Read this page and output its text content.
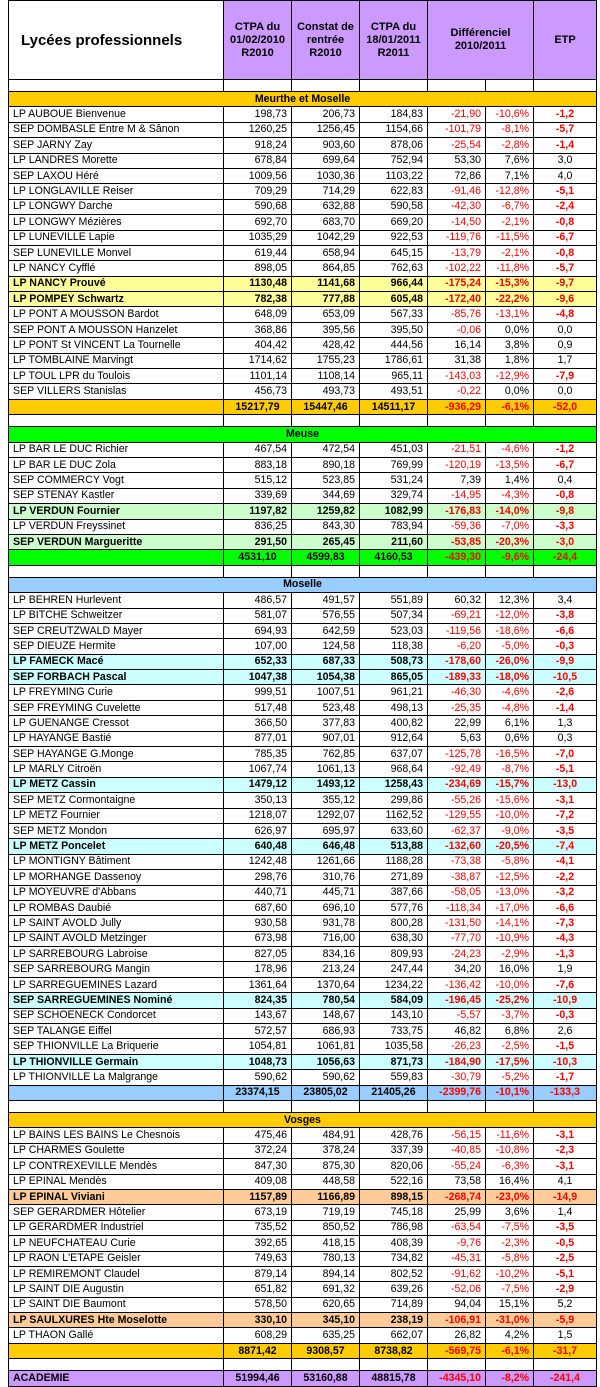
Lycées professionnels	CTPA du 01/02/2010 R2010	Constat de rentrée R2010	CTPA du 18/01/2011 R2011	Différenciel 2010/2011		ETP

Meurthe et Moselle						
LP AUBOUE Bienvenue	198,73	206,73	184,83	-21,90	-10,6%	-1,2
SEP DOMBASLE Entre M & Sânon	1260,25	1256,45	1154,66	-101,79	-8,1%	-5,7
SEP JARNY Zay	918,24	903,60	878,06	-25,54	-2,8%	-1,4
LP LANDRES Morette	678,84	699,64	752,94	53,30	7,6%	3,0
SEP LAXOU Héré	1009,56	1030,36	1103,22	72,86	7,1%	4,0
LP LONGLAVILLE Reiser	709,29	714,29	622,83	-91,46	-12,8%	-5,1
LP LONGWY Darche	590,68	632,88	590,58	-42,30	-6,7%	-2,4
LP LONGWY Mézières	692,70	683,70	669,20	-14,50	-2,1%	-0,8
LP LUNEVILLE Lapie	1035,29	1042,29	922,53	-119,76	-11,5%	-6,7
SEP LUNEVILLE Monvel	619,44	658,94	645,15	-13,79	-2,1%	-0,8
LP NANCY Cyfflé	898,05	864,85	762,63	-102,22	-11,8%	-5,7
LP NANCY Prouvé	1130,48	1141,68	966,44	-175,24	-15,3%	-9,7
LP POMPEY Schwartz	782,38	777,88	605,48	-172,40	-22,2%	-9,6
LP PONT A MOUSSON Bardot	648,09	653,09	567,33	-85,76	-13,1%	-4,8
SEP PONT A MOUSSON Hanzelet	368,86	395,56	395,50	-0,06	0,0%	0,0
LP PONT St VINCENT La Tournelle	404,42	428,42	444,56	16,14	3,8%	0,9
LP TOMBLAINE Marvingt	1714,62	1755,23	1786,61	31,38	1,8%	1,7
LP TOUL LPR du Toulois	1101,14	1108,14	965,11	-143,03	-12,9%	-7,9
SEP VILLERS Stanislas	456,73	493,73	493,51	-0,22	0,0%	0,0
	15217,79	15447,46	14511,17	-936,29	-6,1%	-52,0

Meuse						
LP BAR LE DUC Richier	467,54	472,54	451,03	-21,51	-4,6%	-1,2
LP BAR LE DUC Zola	883,18	890,18	769,99	-120,19	-13,5%	-6,7
SEP COMMERCY Vogt	515,12	523,85	531,24	7,39	1,4%	0,4
SEP STENAY Kastler	339,69	344,69	329,74	-14,95	-4,3%	-0,8
LP VERDUN Fournier	1197,82	1259,82	1082,99	-176,83	-14,0%	-9,8
LP VERDUN Freyssinet	836,25	843,30	783,94	-59,36	-7,0%	-3,3
SEP VERDUN Margueritte	291,50	265,45	211,60	-53,85	-20,3%	-3,0
	4531,10	4599,83	4160,53	-439,30	-9,6%	-24,4

Moselle						
LP BEHREN Hurlevent	486,57	491,57	551,89	60,32	12,3%	3,4
LP BITCHE Schweitzer	581,07	576,55	507,34	-69,21	-12,0%	-3,8
SEP CREUTZWALD Mayer	694,93	642,59	523,03	-119,56	-18,6%	-6,6
SEP DIEUZE Hermite	107,00	124,58	118,38	-6,20	-5,0%	-0,3
LP FAMECK Macé	652,33	687,33	508,73	-178,60	-26,0%	-9,9
SEP FORBACH Pascal	1047,38	1054,38	865,05	-189,33	-18,0%	-10,5
LP FREYMING Curie	999,51	1007,51	961,21	-46,30	-4,6%	-2,6
SEP FREYMING Cuvelette	517,48	523,48	498,13	-25,35	-4,8%	-1,4
LP GUENANGE Cressot	366,50	377,83	400,82	22,99	6,1%	1,3
LP HAYANGE Bastié	877,01	907,01	912,64	5,63	0,6%	0,3
SEP HAYANGE G.Monge	785,35	762,85	637,07	-125,78	-16,5%	-7,0
LP MARLY Citroën	1067,74	1061,13	968,64	-92,49	-8,7%	-5,1
LP METZ Cassin	1479,12	1493,12	1258,43	-234,69	-15,7%	-13,0
SEP METZ Cormontaigne	350,13	355,12	299,86	-55,26	-15,6%	-3,1
LP METZ Fournier	1218,07	1292,07	1162,52	-129,55	-10,0%	-7,2
SEP METZ Mondon	626,97	695,97	633,60	-62,37	-9,0%	-3,5
LP METZ Poncelet	640,48	646,48	513,88	-132,60	-20,5%	-7,4
LP MONTIGNY Bâtiment	1242,48	1261,66	1188,28	-73,38	-5,8%	-4,1
LP MORHANGE Dassenoy	298,76	310,76	271,89	-38,87	-12,5%	-2,2
LP MOYEUVRE d'Abbans	440,71	445,71	387,66	-58,05	-13,0%	-3,2
LP ROMBAS Daubié	687,60	696,10	577,76	-118,34	-17,0%	-6,6
LP SAINT AVOLD Jully	930,58	931,78	800,28	-131,50	-14,1%	-7,3
LP SAINT AVOLD Metzinger	673,98	716,00	638,30	-77,70	-10,9%	-4,3
LP SARREBOURG Labroise	827,05	834,16	809,93	-24,23	-2,9%	-1,3
SEP SARREBOURG Mangin	178,96	213,24	247,44	34,20	16,0%	1,9
LP SARREGUEMINES Lazard	1361,64	1370,64	1234,22	-136,42	-10,0%	-7,6
SEP SARREGUEMINES Nominé	824,35	780,54	584,09	-196,45	-25,2%	-10,9
SEP SCHOENECK Condorcet	143,67	148,67	143,10	-5,57	-3,7%	-0,3
SEP TALANGE Eiffel	572,57	686,93	733,75	46,82	6,8%	2,6
SEP THIONVILLE La Briquerie	1054,81	1061,81	1035,58	-26,23	-2,5%	-1,5
LP THIONVILLE Germain	1048,73	1056,63	871,73	-184,90	-17,5%	-10,3
LP THIONVILLE La Malgrange	590,62	590,62	559,83	-30,79	-5,2%	-1,7
	23374,15	23805,02	21405,26	-2399,76	-10,1%	-133,3

Vosges						
LP BAINS LES BAINS Le Chesnois	475,46	484,91	428,76	-56,15	-11,6%	-3,1
LP CHARMES Goulette	372,24	378,24	337,39	-40,85	-10,8%	-2,3
LP CONTREXEVILLE Mendès	847,30	875,30	820,06	-55,24	-6,3%	-3,1
LP EPINAL Mendès	409,08	448,58	522,16	73,58	16,4%	4,1
LP EPINAL Viviani	1157,89	1166,89	898,15	-268,74	-23,0%	-14,9
SEP GERARDMER Hôtelier	673,19	719,19	745,18	25,99	3,6%	1,4
LP GERARDMER Industriel	735,52	850,52	786,98	-63,54	-7,5%	-3,5
LP NEUFCHATEAU Curie	392,65	418,15	408,39	-9,76	-2,3%	-0,5
LP RAON L'ETAPE Geisler	749,63	780,13	734,82	-45,31	-5,8%	-2,5
LP REMIREMONT Claudel	879,14	894,14	802,52	-91,62	-10,2%	-5,1
LP SAINT DIE Augustin	651,82	691,32	639,26	-52,06	-7,5%	-2,9
LP SAINT DIE Baumont	578,50	620,65	714,89	94,04	15,1%	5,2
LP SAULXURES Hte Moselotte	330,10	345,10	238,19	-106,91	-31,0%	-5,9
LP THAON Gallé	608,29	635,25	662,07	26,82	4,2%	1,5
	8871,42	9308,57	8738,82	-569,75	-6,1%	-31,7

ACADEMIE	51994,46	53160,88	48815,78	-4345,10	-8,2%	-241,4
